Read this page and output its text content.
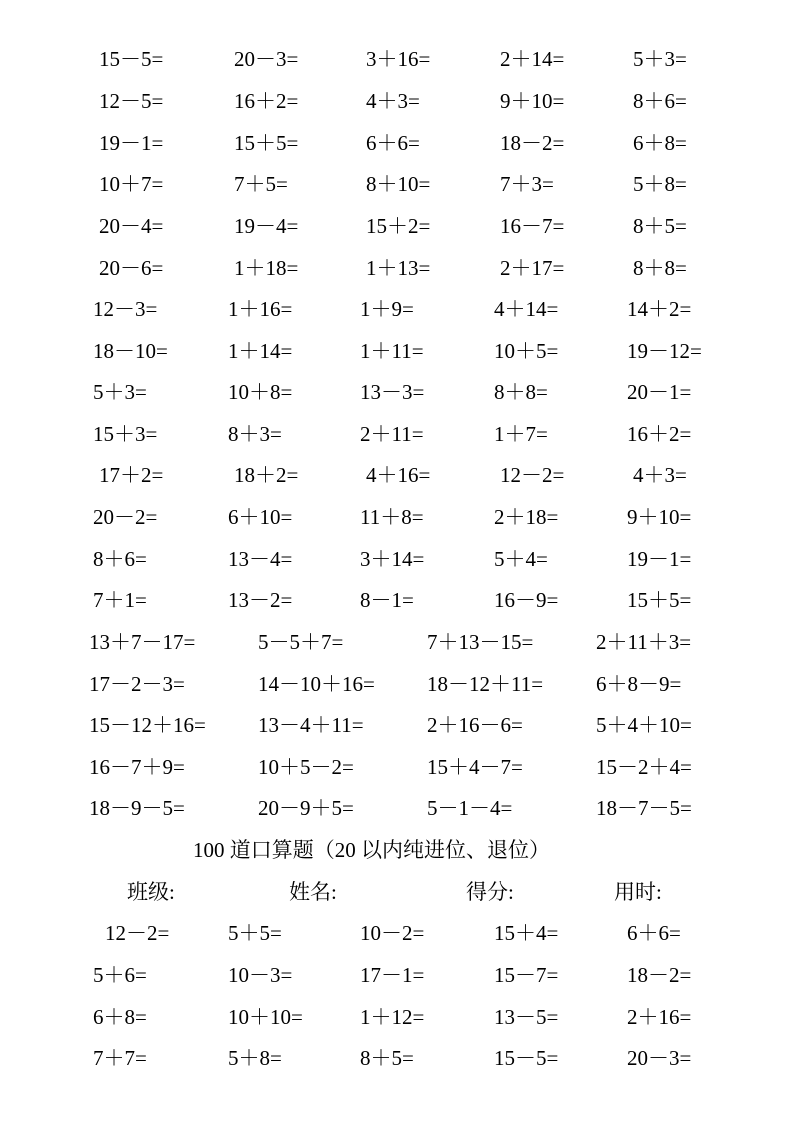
15－5=	20－3=	3＋16=	2＋14=	5＋3=
12－5=	16＋2=	4＋3=	9＋10=	8＋6=
19－1=	15＋5=	6＋6=	18－2=	6＋8=
10＋7=	7＋5=	8＋10=	7＋3=	5＋8=
20－4=	19－4=	15＋2=	16－7=	8＋5=
20－6=	1＋18=	1＋13=	2＋17=	8＋8=
12－3=	1＋16=	1＋9=	4＋14=	14＋2=
18－10=	1＋14=	1＋11=	10＋5=	19－12=
5＋3=	10＋8=	13－3=	8＋8=	20－1=
15＋3=	8＋3=	2＋11=	1＋7=	16＋2=
17＋2=	18＋2=	4＋16=	12－2=	4＋3=
20－2=	6＋10=	11＋8=	2＋18=	9＋10=
8＋6=	13－4=	3＋14=	5＋4=	19－1=
7＋1=	13－2=	8－1=	16－9=	15＋5=
13＋7－17=	5－5＋7=	7＋13－15=	2＋11＋3=
17－2－3=	14－10＋16= 18－12＋11=	6＋8－9=
15－12＋16= 13－4＋11=	2＋16－6=	5＋4＋10=
16－7＋9=	10＋5－2=	15＋4－7=	15－2＋4=
18－9－5=	20－9＋5=	5－1－4=	18－7－5=
12－2=	5＋5=	10－2=	15＋4=	6＋6=
5＋6=	10－3=	17－1=	15－7=	18－2=
6＋8=	10＋10=	1＋12=	13－5=	2＋16=
7＋7=	5＋8=	8＋5=	15－5=	20－3=
100 道口算题（20 以内纯进位、退位）
班级:	姓名:	得分:	用时:
